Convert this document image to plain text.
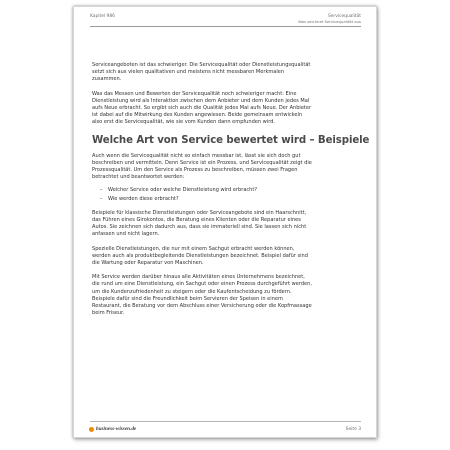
Kapitel 986	Servicequalität
Was zeichnet Servicequalität aus

Serviceangeboten ist das schwieriger. Die Servicequalität oder Dienstleistungsqualität
setzt sich aus vielen qualitativen und meistens nicht messbaren Merkmalen
zusammen.

Was das Messen und Bewerten der Servicequalität noch schwieriger macht: Eine
Dienstleistung wird als Interaktion zwischen dem Anbieter und dem Kunden jedes Mal
aufs Neue erbracht. So ergibt sich auch die Qualität jedes Mal aufs Neue. Der Anbieter
ist dabei auf die Mitwirkung des Kunden angewiesen. Beide gemeinsam entwickeln
also erst die Servicequalität, wie sie vom Kunden dann empfunden wird.

Welche Art von Service bewertet wird – Beispiele

Auch wenn die Servicequalität nicht so einfach messbar ist, lässt sie sich doch gut
beschreiben und vermitteln. Denn Service ist ein Prozess, und Servicequalität zeigt die
Prozessqualität. Um den Service als Prozess zu beschreiben, müssen zwei Fragen
betrachtet und beantwortet werden:

–	Welcher Service oder welche Dienstleistung wird erbracht?
–	Wie werden diese erbracht?

Beispiele für klassische Dienstleistungen oder Serviceangebote sind ein Haarschnitt,
das Führen eines Girokontos, die Beratung eines Klienten oder die Reparatur eines
Autos. Sie zeichnen sich dadurch aus, dass sie immateriell sind. Sie lassen sich nicht
anfassen und nicht lagern.

Spezielle Dienstleistungen, die nur mit einem Sachgut erbracht werden können,
werden auch als produktbegleitende Dienstleistungen bezeichnet. Beispiel dafür sind
die Wartung oder Reparatur von Maschinen.

Mit Service werden darüber hinaus alle Aktivitäten eines Unternehmens bezeichnet,
die rund um eine Dienstleistung, ein Sachgut oder einen Prozess durchgeführt werden,
um die Kundenzufriedenheit zu steigern oder die Kaufentscheidung zu fördern.
Beispiele dafür sind die Freundlichkeit beim Servieren der Speisen in einem
Restaurant, die Beratung vor dem Abschluss einer Versicherung oder die Kopfmassage
beim Friseur.

business-wissen.de	Seite 3
